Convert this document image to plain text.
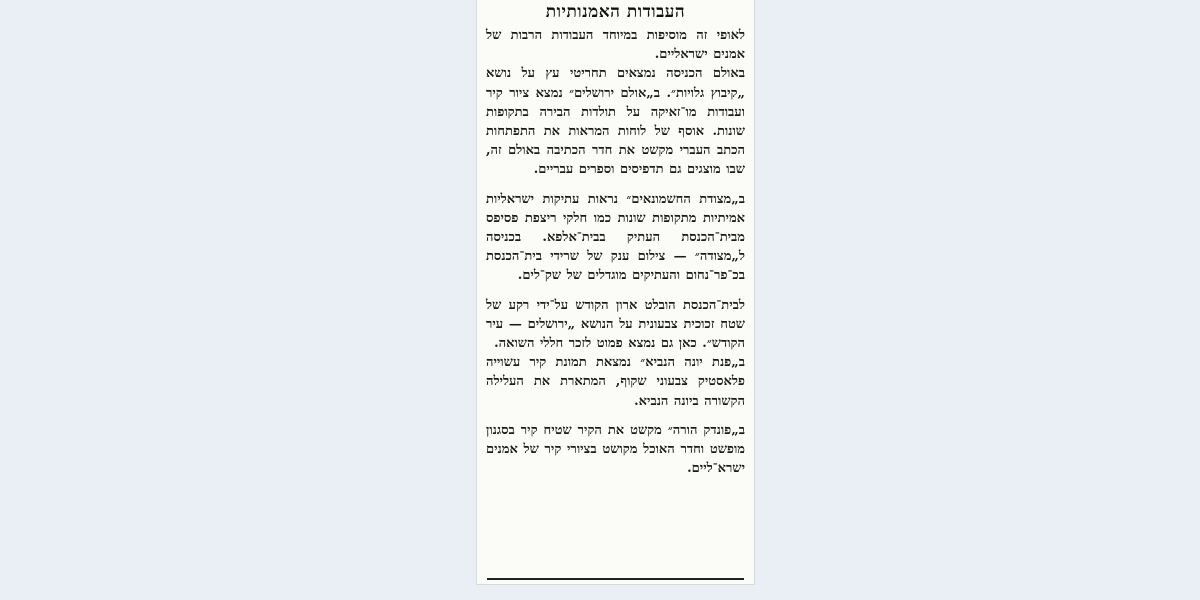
העבודות האמנותיות

לאופי זה מוסיפות במיוחד העבודות הרבות של אמנים ישראליים.

באולם הכניסה נמצאים תחריטי עץ על נושא „קיבוץ גלויות״. ב„אולם ירושלים״ נמצא ציור קיר ועבודות מו־זאיקה על תולדות הבירה בתקופות שונות. אוסף של לוחות המראות את התפתחות הכתב העברי מקשט את חדר הכתיבה באולם זה, שבו מוצגים גם תדפיסים וספרים עבריים.

ב„מצודת החשמונאים״ נראות עתיקות ישראליות אמיתיות מתקופות שונות כמו חלקי ריצפת פסיפס מבית־הכנסת העתיק בבית־אלפא. בכניסה ל„מצודה״ — צילום ענק של שרידי בית־הכנסת בכ־פר־נחום והעתיקים מוגדלים של שק־לים.

לבית־הכנסת הובלט ארון הקודש על־ידי רקע של שטח זכוכית צבעונית על הנושא „ירושלים — עיר הקודש״. כאן גם נמצא פמוט לזכר חללי השואה.

ב„פנת יונה הנביא״ נמצאת תמונת קיר עשוייה פלאסטיק צבעוני שקוף, המתארת את העלילה הקשורה ביונה הנביא.

ב„פונדק הורה״ מקשט את הקיר שטיח קיר בסגנון מופשט וחדר האוכל מקושט בציורי קיר של אמנים ישרא־ליים.
